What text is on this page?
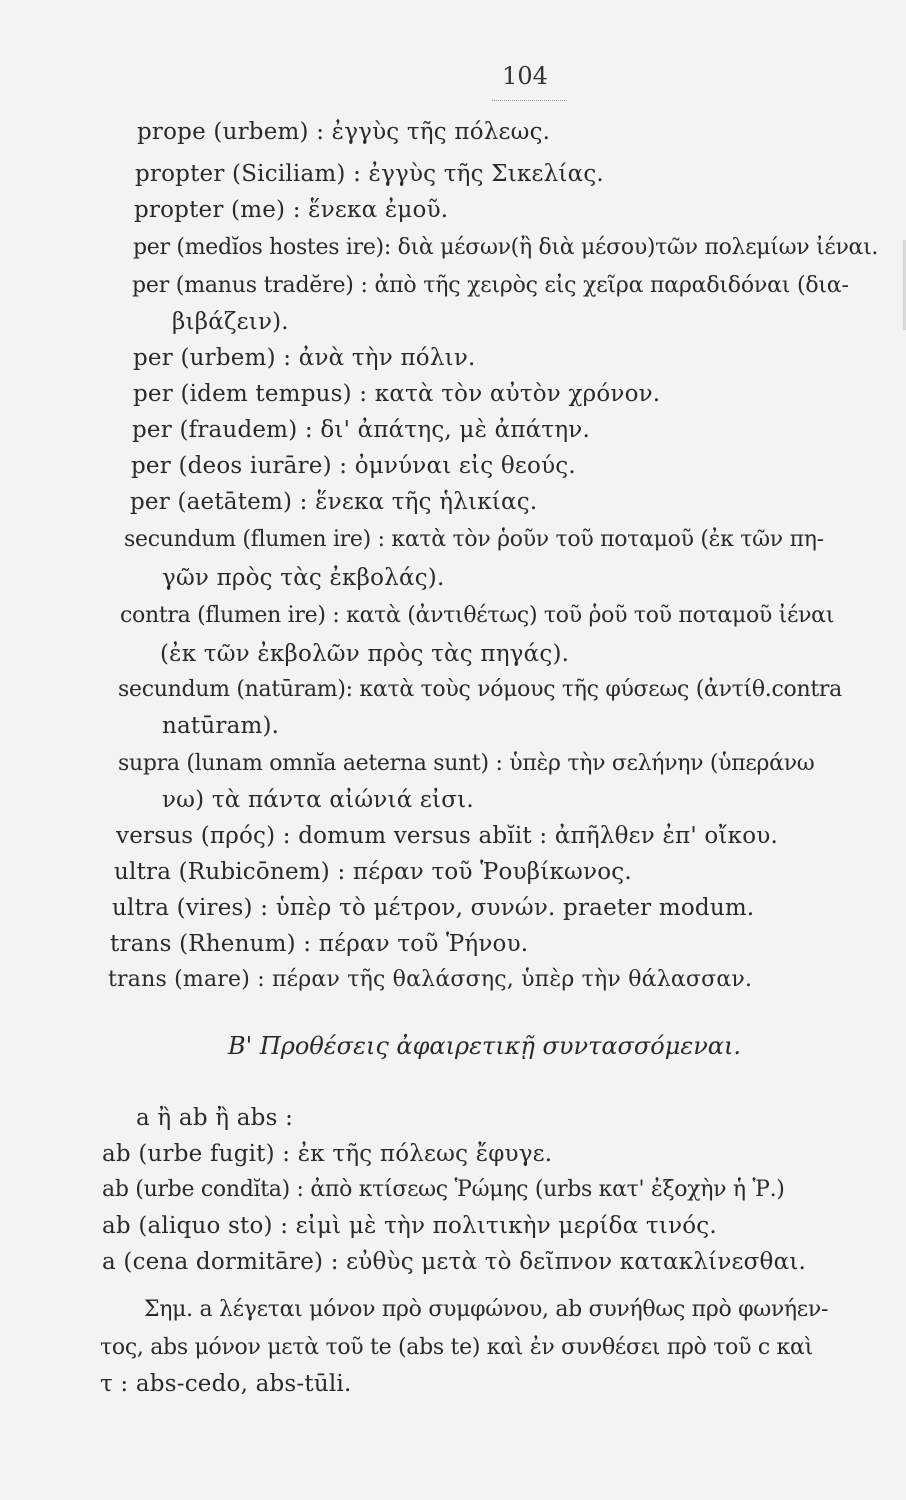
104
prope (urbem) : ἐγγὺς τῆς πόλεως.
propter (Siciliam) : ἐγγὺς τῆς Σικελίας.
propter (me) : ἕνεκα ἐμοῦ.
per (medĭos hostes ire): διὰ μέσων(ἢ διὰ μέσου)τῶν πολεμίων ἰέναι.
per (manus tradĕre) : ἀπὸ τῆς χειρὸς εἰς χεῖρα παραδιδόναι (δια-
βιβάζειν).
per (urbem) : ἀνὰ τὴν πόλιν.
per (idem tempus) : κατὰ τὸν αὐτὸν χρόνον.
per (fraudem) : δι' ἀπάτης, μὲ ἀπάτην.
per (deos iurāre) : ὀμνύναι εἰς θεούς.
per (aetātem) : ἕνεκα τῆς ἡλικίας.
secundum (flumen ire) : κατὰ τὸν ῥοῦν τοῦ ποταμοῦ (ἐκ τῶν πη-
γῶν πρὸς τὰς ἐκβολάς).
contra (flumen ire) : κατὰ (ἀντιθέτως) τοῦ ῥοῦ τοῦ ποταμοῦ ἰέναι
(ἐκ τῶν ἐκβολῶν πρὸς τὰς πηγάς).
secundum (natūram): κατὰ τοὺς νόμους τῆς φύσεως (ἀντίθ.contra
natūram).
supra (lunam omnĭa aeterna sunt) : ὑπὲρ τὴν σελήνην (ὑπεράνω
νω) τὰ πάντα αἰώνιά εἰσι.
versus (πρός) : domum versus abĭit : ἀπῆλθεν ἐπ' οἴκου.
ultra (Rubicōnem) : πέραν τοῦ Ῥουβίκωνος.
ultra (vires) : ὑπὲρ τὸ μέτρον, συνών. praeter modum.
trans (Rhenum) : πέραν τοῦ Ῥήνου.
trans (mare) : πέραν τῆς θαλάσσης, ὑπὲρ τὴν θάλασσαν.
Β' Προθέσεις ἀφαιρετικῇ συντασσόμεναι.
a ἢ ab ἢ abs :
ab (urbe fugit) : ἐκ τῆς πόλεως ἔφυγε.
ab (urbe condĭta) : ἀπὸ κτίσεως Ῥώμης (urbs κατ' ἐξοχὴν ἡ Ῥ.)
ab (aliquo sto) : εἰμὶ μὲ τὴν πολιτικὴν μερίδα τινός.
a (cena dormitāre) : εὐθὺς μετὰ τὸ δεῖπνον κατακλίνεσθαι.
Σημ. a λέγεται μόνον πρὸ συμφώνου, ab συνήθως πρὸ φωνήεν-
τος, abs μόνον μετὰ τοῦ te (abs te) καὶ ἐν συνθέσει πρὸ τοῦ c καὶ
τ : abs-cedo, abs-tūli.
